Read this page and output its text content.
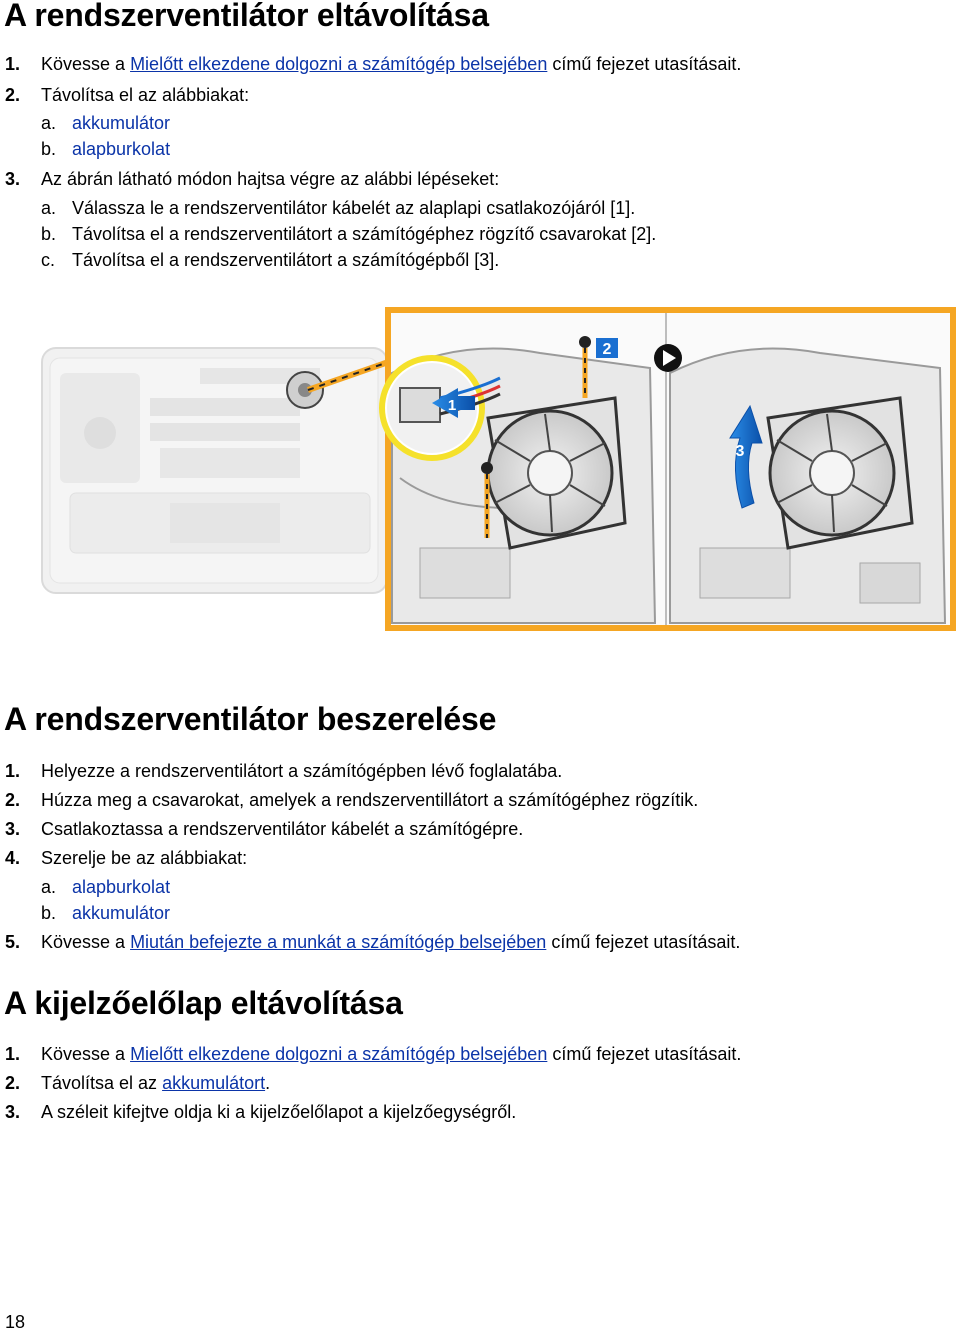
A rendszerventilátor eltávolítása
1. Kövesse a Mielőtt elkezdene dolgozni a számítógép belsejében című fejezet utasításait.
2. Távolítsa el az alábbiakat:
a. akkumulátor
b. alapburkolat
3. Az ábrán látható módon hajtsa végre az alábbi lépéseket:
a. Válassza le a rendszerventilátor kábelét az alaplapi csatlakozójáról [1].
b. Távolítsa el a rendszerventilátort a számítógéphez rögzítő csavarokat [2].
c. Távolítsa el a rendszerventilátort a számítógépből [3].
2
1
3
A rendszerventilátor beszerelése
1. Helyezze a rendszerventilátort a számítógépben lévő foglalatába.
2. Húzza meg a csavarokat, amelyek a rendszerventillátort a számítógéphez rögzítik.
3. Csatlakoztassa a rendszerventilátor kábelét a számítógépre.
4. Szerelje be az alábbiakat:
a. alapburkolat
b. akkumulátor
5. Kövesse a Miután befejezte a munkát a számítógép belsejében című fejezet utasításait.
A kijelzőelőlap eltávolítása
1. Kövesse a Mielőtt elkezdene dolgozni a számítógép belsejében című fejezet utasításait.
2. Távolítsa el az akkumulátort.
3. A széleit kifejtve oldja ki a kijelzőelőlapot a kijelzőegységről.
18
